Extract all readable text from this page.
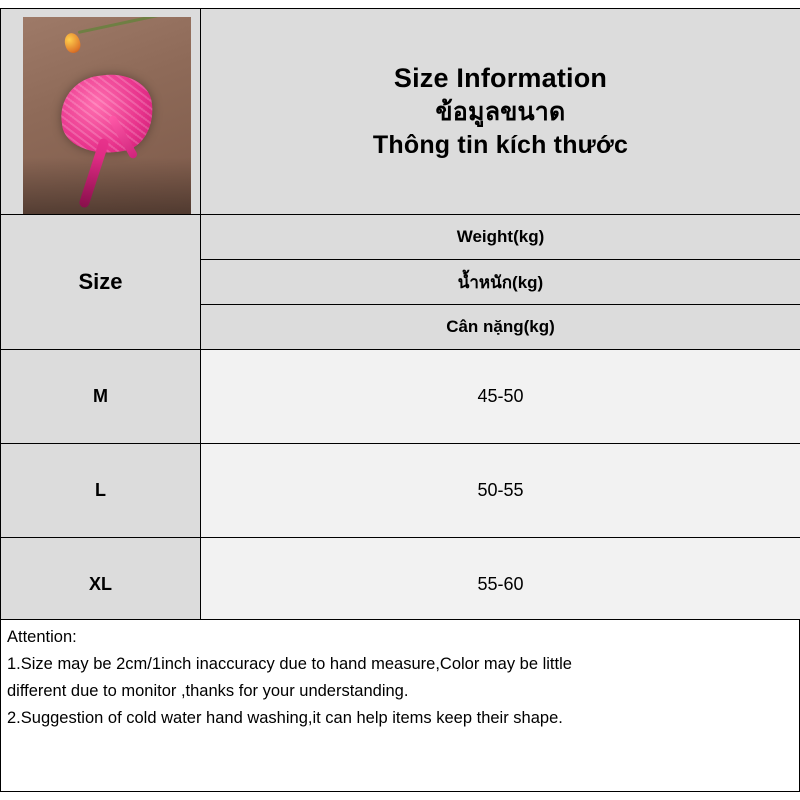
	Size Information
ข้อมูลขนาด
Thông tin kích thước

Size	Weight(kg)
	น้ำหนัก(kg)
	Cân nặng(kg)
M	45-50
L	50-55
XL	55-60

Attention:

1.Size may be 2cm/1inch inaccuracy due to hand measure,Color may be little

different due to monitor ,thanks for your understanding.

2.Suggestion of cold water hand washing,it can help items keep their shape.
